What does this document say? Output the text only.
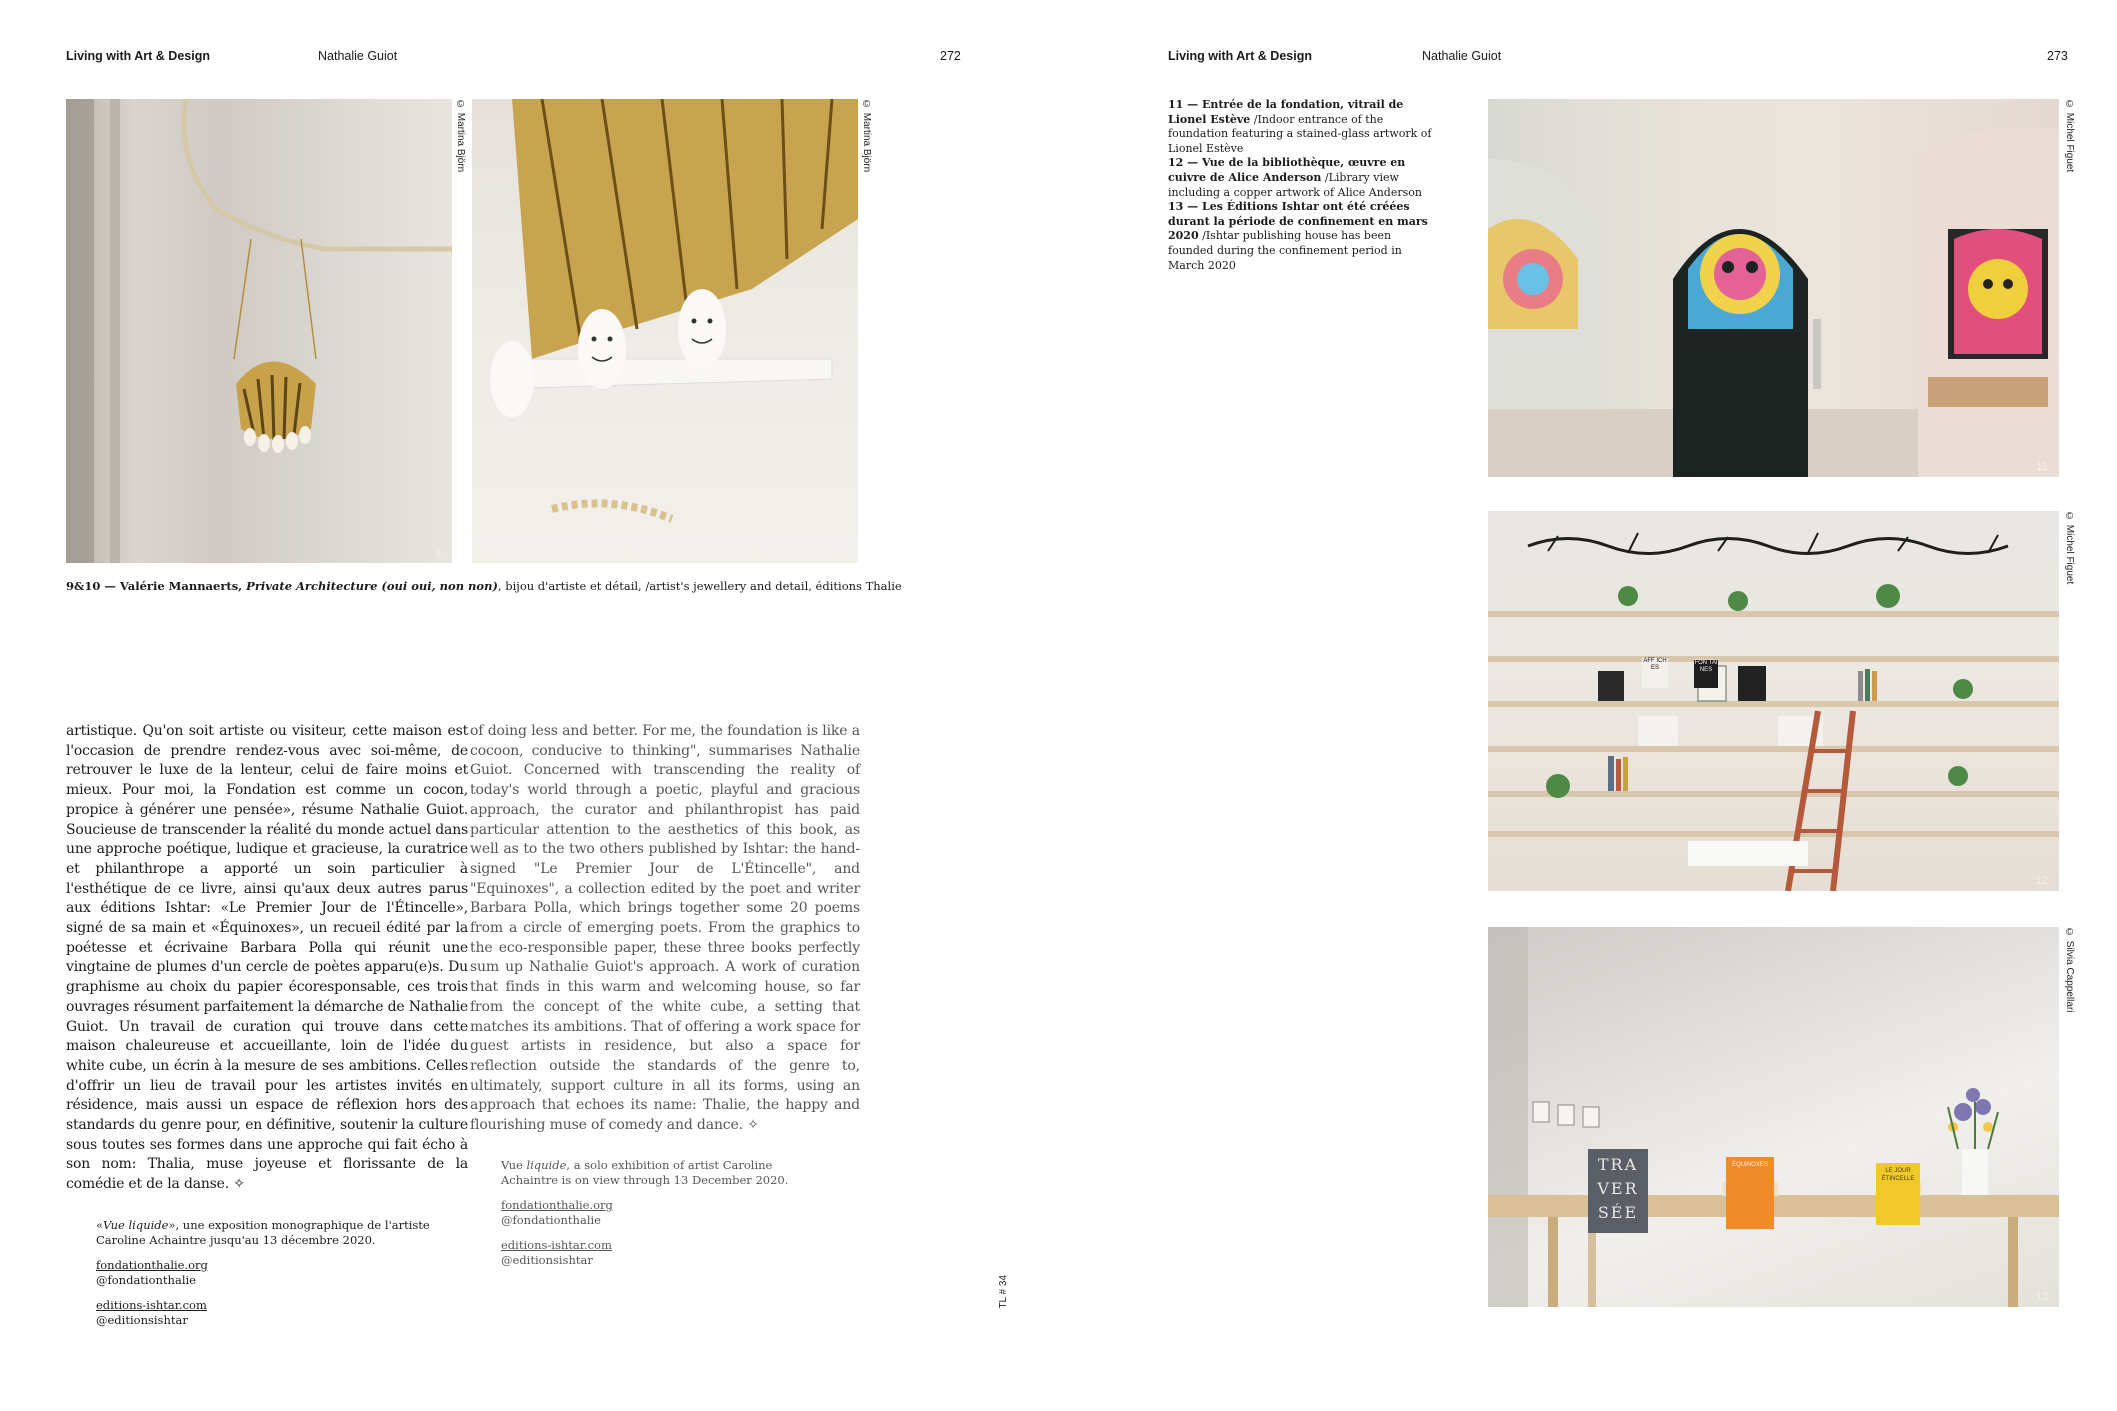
Living with Art & Design	Nathalie Guiot	272
9.
© Martina Björn
10.
© Martina Björn
9&10 — Valérie Mannaerts, Private Architecture (oui oui, non non), bijou d'artiste et détail, /artist's jewellery and detail, éditions Thalie
artistique. Qu'on soit artiste ou visiteur, cette maison est l'occasion de prendre rendez-vous avec soi-même, de retrouver le luxe de la lenteur, celui de faire moins et mieux. Pour moi, la Fondation est comme un cocon, propice à générer une pensée», résume Nathalie Guiot. Soucieuse de transcender la réalité du monde actuel dans une approche poétique, ludique et gracieuse, la curatrice et philanthrope a apporté un soin particulier à l'esthétique de ce livre, ainsi qu'aux deux autres parus aux éditions Ishtar: «Le Premier Jour de l'Étincelle», signé de sa main et «Équinoxes», un recueil édité par la poétesse et écrivaine Barbara Polla qui réunit une vingtaine de plumes d'un cercle de poètes apparu(e)s. Du graphisme au choix du papier écoresponsable, ces trois ouvrages résument parfaitement la démarche de Nathalie Guiot. Un travail de curation qui trouve dans cette maison chaleureuse et accueillante, loin de l'idée du white cube, un écrin à la mesure de ses ambitions. Celles d'offrir un lieu de travail pour les artistes invités en résidence, mais aussi un espace de réflexion hors des standards du genre pour, en définitive, soutenir la culture sous toutes ses formes dans une approche qui fait écho à son nom: Thalia, muse joyeuse et florissante de la comédie et de la danse. ✧
of doing less and better. For me, the foundation is like a cocoon, conducive to thinking", summarises Nathalie Guiot. Concerned with transcending the reality of today's world through a poetic, playful and gracious approach, the curator and philanthropist has paid particular attention to the aesthetics of this book, as well as to the two others published by Ishtar: the hand-signed "Le Premier Jour de L'Étincelle", and "Equinoxes", a collection edited by the poet and writer Barbara Polla, which brings together some 20 poems from a circle of emerging poets. From the graphics to the eco-responsible paper, these three books perfectly sum up Nathalie Guiot's approach. A work of curation that finds in this warm and welcoming house, so far from the concept of the white cube, a setting that matches its ambitions. That of offering a work space for guest artists in residence, but also a space for reflection outside the standards of the genre to, ultimately, support culture in all its forms, using an approach that echoes its name: Thalie, the happy and flourishing muse of comedy and dance. ✧
«Vue liquide», une exposition monographique de l'artiste Caroline Achaintre jusqu'au 13 décembre 2020.
fondationthalie.org
@fondationthalie
editions-ishtar.com
@editionsishtar
Vue liquide, a solo exhibition of artist Caroline Achaintre is on view through 13 December 2020.
fondationthalie.org
@fondationthalie
editions-ishtar.com
@editionsishtar
TL # 34
Living with Art & Design	Nathalie Guiot	273
11 — Entrée de la fondation, vitrail de Lionel Estève /Indoor entrance of the foundation featuring a stained-glass artwork of Lionel Estève
12 — Vue de la bibliothèque, œuvre en cuivre de Alice Anderson /Library view including a copper artwork of Alice Anderson
13 — Les Éditions Ishtar ont été créées durant la période de confinement en mars 2020 /Ishtar publishing house has been founded during the confinement period in March 2020
11.
© Michel Figuet
12.
© Michel Figuet
TRA VER SÉE
ÉQUINOXES
LE JOUR ÉTINCELLE
13.
© Silvia Cappellari
AFF ICH ES
FON TAI NES
